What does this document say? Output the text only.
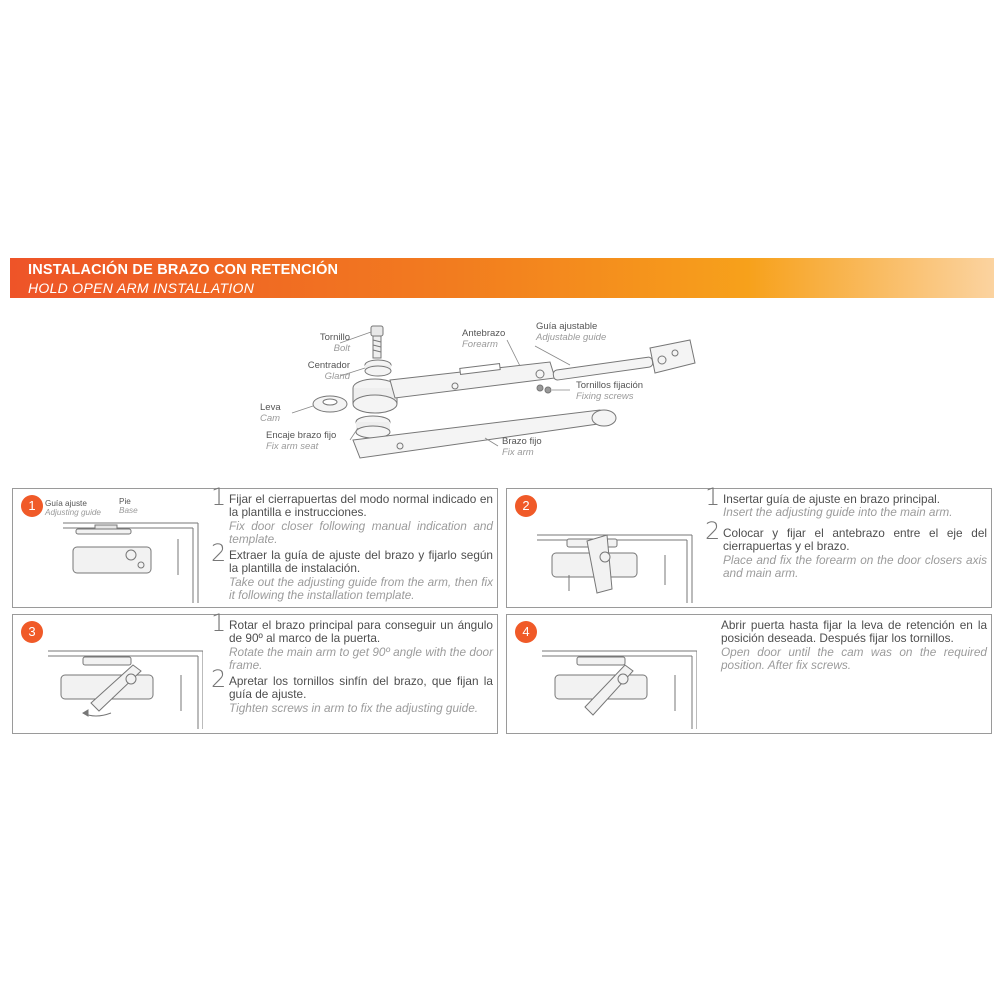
INSTALACIÓN DE BRAZO CON RETENCIÓN
HOLD OPEN ARM INSTALLATION
Tornillo
Bolt
Centrador
Gland
Leva
Cam
Encaje brazo fijo
Fix arm seat
Antebrazo
Forearm
Guía ajustable
Adjustable guide
Tornillos fijación
Fixing screws
Brazo fijo
Fix arm
1	Guía ajuste
Adjusting guide
Pie
Base	1 Fijar el cierrapuertas del modo normal indicado en la plantilla e instrucciones.
Fix door closer following manual indication and template.
2 Extraer la guía de ajuste del brazo y fijarlo según la plantilla de instalación.
Take out the adjusting guide from the arm, then fix it following the installation template.
2	1 Insertar guía de ajuste en brazo principal.
Insert the adjusting guide into the main arm.
2 Colocar y fijar el antebrazo entre el eje del cierrapuertas y el brazo.
Place and fix the forearm on the door closers axis and main arm.
3	1 Rotar el brazo principal para conseguir un ángulo de 90º al marco de la puerta.
Rotate the main arm to get 90º angle with the door frame.
2 Apretar los tornillos sinfín del brazo, que fijan la guía de ajuste.
Tighten screws in arm to fix the adjusting guide.
4	Abrir puerta hasta fijar la leva de retención en la posición deseada. Después fijar los tornillos.
Open door until the cam was on the required position. After fix screws.
